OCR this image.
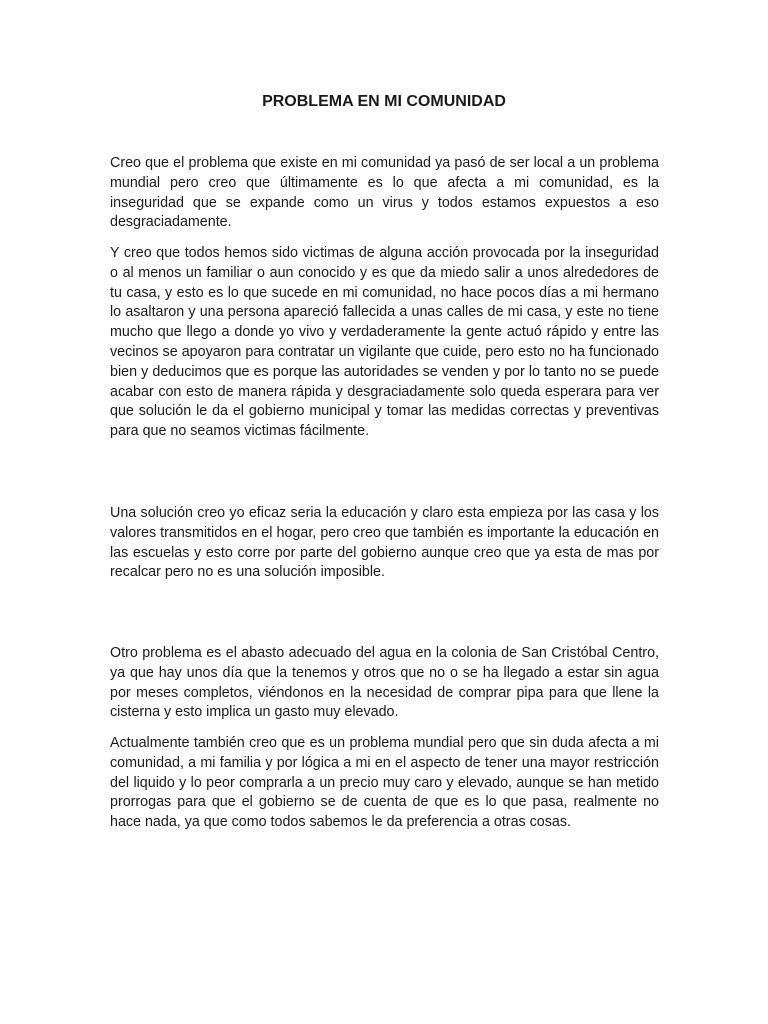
PROBLEMA EN MI COMUNIDAD

Creo que el problema que existe en mi comunidad ya pasó de ser local a un problema mundial pero creo que últimamente es lo que afecta a mi comunidad, es la inseguridad que se expande como un virus y todos estamos expuestos a eso desgraciadamente.

Y creo que todos hemos sido victimas de alguna acción provocada por la inseguridad o al menos un familiar o aun conocido y es que da miedo salir a unos alrededores de tu casa, y esto es lo que sucede en mi comunidad, no hace pocos días a mi hermano lo asaltaron y una persona apareció fallecida a unas calles de mi casa, y este no tiene mucho que llego a donde yo vivo y verdaderamente la gente actuó rápido y entre las vecinos se apoyaron para contratar un vigilante que cuide, pero esto no ha funcionado bien y deducimos que es porque las autoridades se venden y por lo tanto no se puede acabar con esto de manera rápida y desgraciadamente solo queda esperara para ver que solución le da el gobierno municipal y tomar las medidas correctas y preventivas para que no seamos victimas fácilmente.

Una solución creo yo eficaz seria la educación y claro esta empieza por las casa y los valores transmitidos en el hogar, pero creo que también es importante la educación en las escuelas y esto corre por parte del gobierno aunque creo que ya esta de mas por recalcar pero no es una solución imposible.

Otro problema es el abasto adecuado del agua en la colonia de San Cristóbal Centro, ya que hay unos día que la tenemos y otros que no o se ha llegado a estar sin agua por meses completos, viéndonos en la necesidad de comprar pipa para que llene la cisterna y esto implica un gasto muy elevado.

Actualmente también creo que es un problema mundial pero que sin duda afecta a mi comunidad, a mi familia y por lógica a mi en el aspecto de tener una mayor restricción del liquido y lo peor comprarla a un precio muy caro y elevado, aunque se han metido prorrogas para que el gobierno se de cuenta de que es lo que pasa, realmente no hace nada, ya que como todos sabemos le da preferencia a otras cosas.
